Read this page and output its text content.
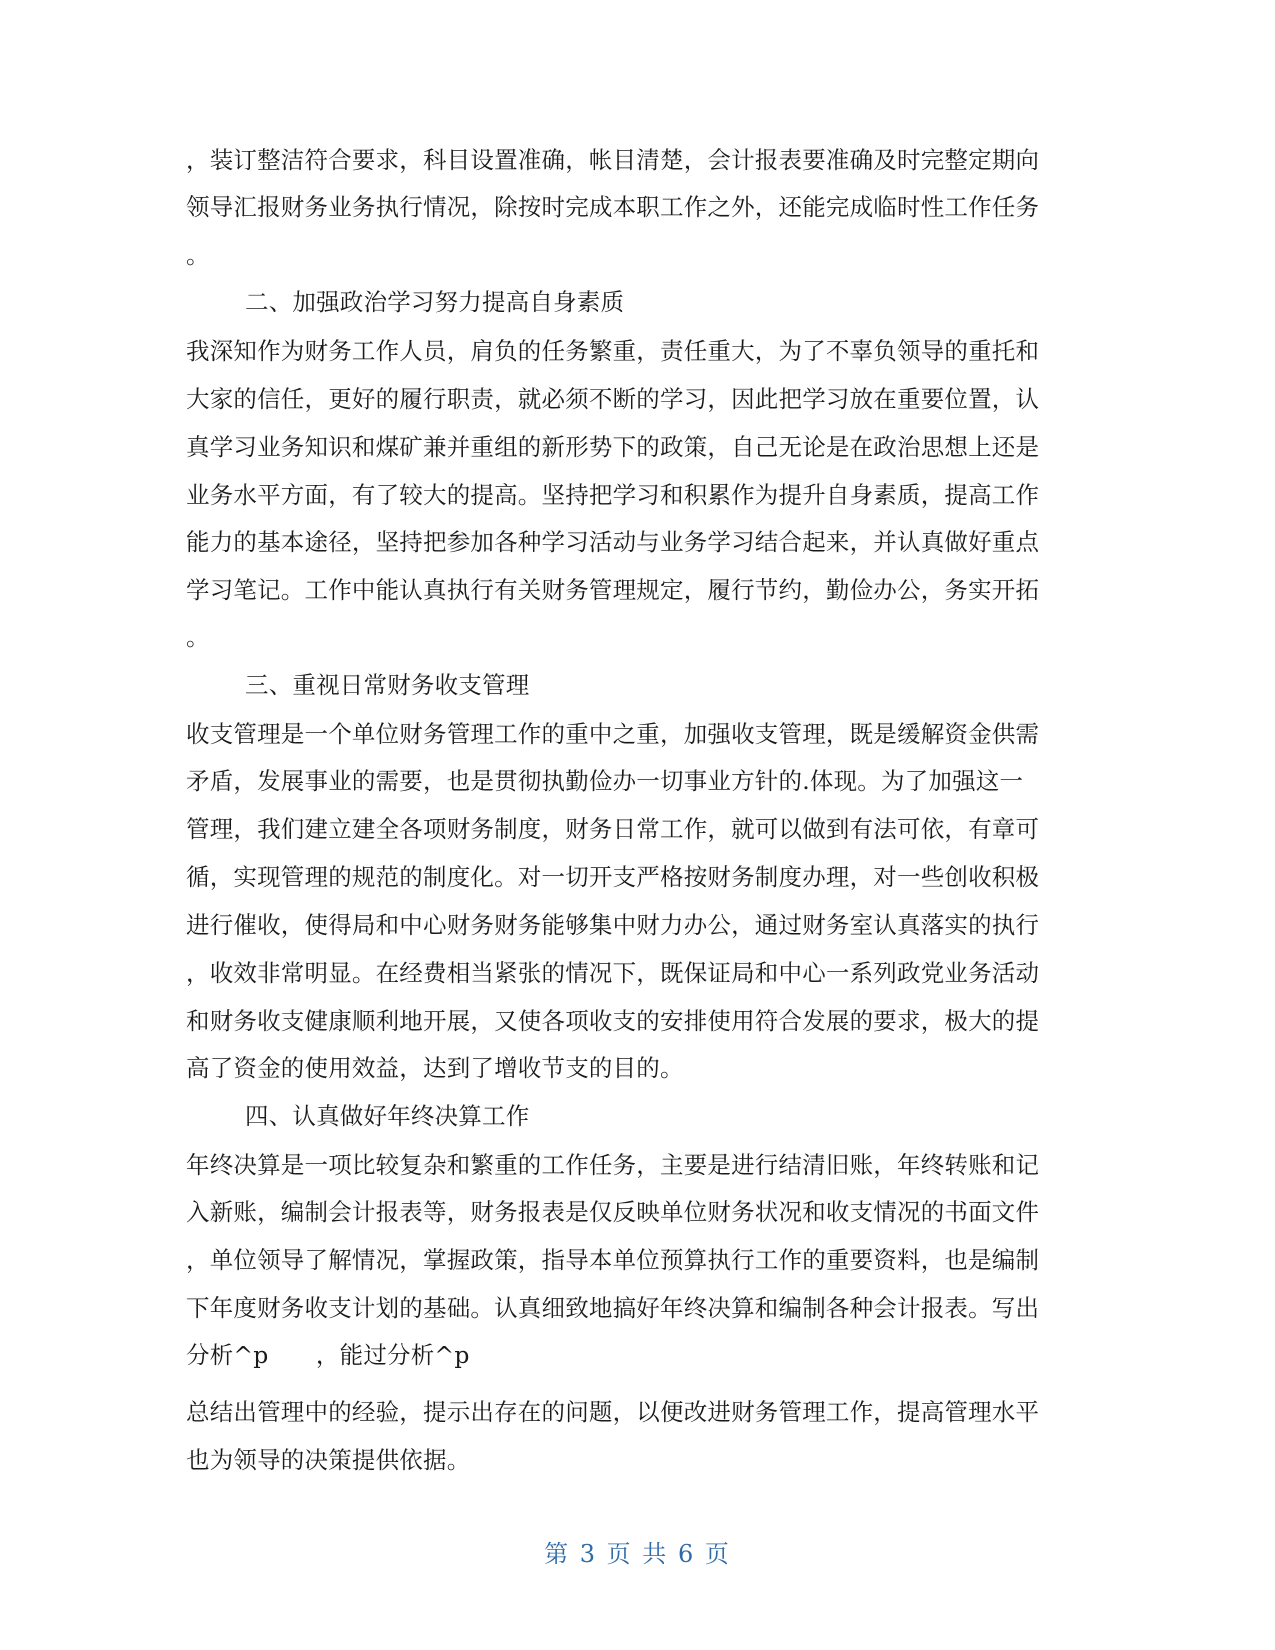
，装订整洁符合要求，科目设置准确，帐目清楚，会计报表要准确及时完整定期向
领导汇报财务业务执行情况，除按时完成本职工作之外，还能完成临时性工作任务
。
二、加强政治学习努力提高自身素质
我深知作为财务工作人员，肩负的任务繁重，责任重大，为了不辜负领导的重托和
大家的信任，更好的履行职责，就必须不断的学习，因此把学习放在重要位置，认
真学习业务知识和煤矿兼并重组的新形势下的政策，自己无论是在政治思想上还是
业务水平方面，有了较大的提高。坚持把学习和积累作为提升自身素质，提高工作
能力的基本途径，坚持把参加各种学习活动与业务学习结合起来，并认真做好重点
学习笔记。工作中能认真执行有关财务管理规定，履行节约，勤俭办公，务实开拓
。
三、重视日常财务收支管理
收支管理是一个单位财务管理工作的重中之重，加强收支管理，既是缓解资金供需
矛盾，发展事业的需要，也是贯彻执勤俭办一切事业方针的.体现。为了加强这一
管理，我们建立建全各项财务制度，财务日常工作，就可以做到有法可依，有章可
循，实现管理的规范的制度化。对一切开支严格按财务制度办理，对一些创收积极
进行催收，使得局和中心财务财务能够集中财力办公，通过财务室认真落实的执行
，收效非常明显。在经费相当紧张的情况下，既保证局和中心一系列政党业务活动
和财务收支健康顺利地开展，又使各项收支的安排使用符合发展的要求，极大的提
高了资金的使用效益，达到了增收节支的目的。
四、认真做好年终决算工作
年终决算是一项比较复杂和繁重的工作任务，主要是进行结清旧账，年终转账和记
入新账，编制会计报表等，财务报表是仅反映单位财务状况和收支情况的书面文件
，单位领导了解情况，掌握政策，指导本单位预算执行工作的重要资料，也是编制
下年度财务收支计划的基础。认真细致地搞好年终决算和编制各种会计报表。写出
分析^p　　，能过分析^p
总结出管理中的经验，提示出存在的问题，以便改进财务管理工作，提高管理水平
也为领导的决策提供依据。
第 3 页 共 6 页
